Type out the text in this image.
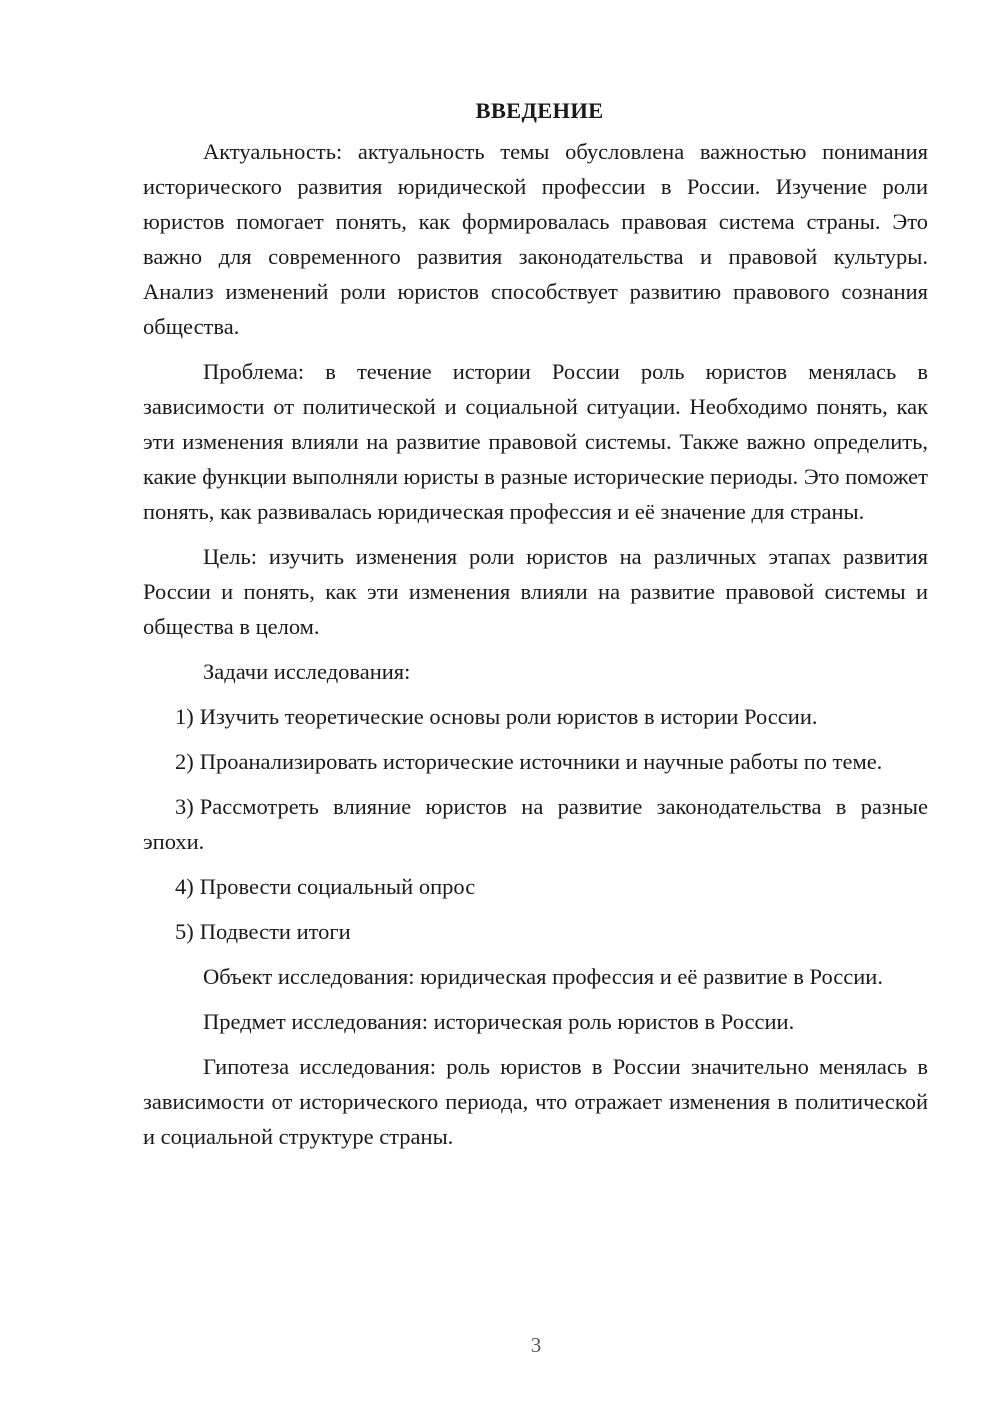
ВВЕДЕНИЕ

Актуальность: актуальность темы обусловлена важностью понимания исторического развития юридической профессии в России. Изучение роли юристов помогает понять, как формировалась правовая система страны. Это важно для современного развития законодательства и правовой культуры. Анализ изменений роли юристов способствует развитию правового сознания общества.

Проблема: в течение истории России роль юристов менялась в зависимости от политической и социальной ситуации. Необходимо понять, как эти изменения влияли на развитие правовой системы. Также важно определить, какие функции выполняли юристы в разные исторические периоды. Это поможет понять, как развивалась юридическая профессия и её значение для страны.

Цель: изучить изменения роли юристов на различных этапах развития России и понять, как эти изменения влияли на развитие правовой системы и общества в целом.

Задачи исследования:

1) Изучить теоретические основы роли юристов в истории России.

2) Проанализировать исторические источники и научные работы по теме.

3) Рассмотреть влияние юристов на развитие законодательства в разные эпохи.

4) Провести социальный опрос

5) Подвести итоги

Объект исследования: юридическая профессия и её развитие в России.

Предмет исследования: историческая роль юристов в России.

Гипотеза исследования: роль юристов в России значительно менялась в зависимости от исторического периода, что отражает изменения в политической и социальной структуре страны.

3
